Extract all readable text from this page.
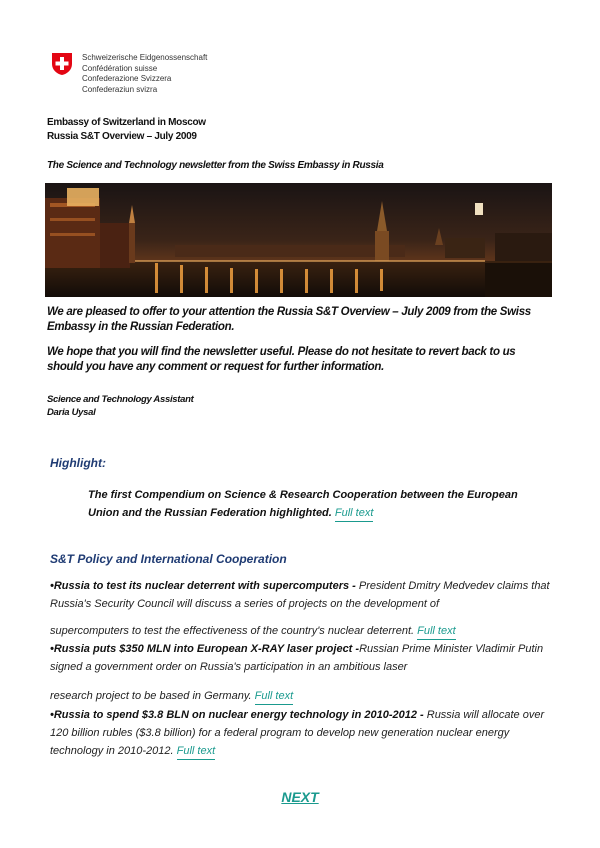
Schweizerische Eidgenossenschaft
Confédération suisse
Confederazione Svizzera
Confederaziun svizra
Embassy of Switzerland in Moscow
Russia S&T Overview – July 2009
The Science and Technology newsletter from the Swiss Embassy in Russia

We are pleased to offer to your attention the Russia S&T Overview – July 2009 from the Swiss Embassy in the Russian Federation.

We hope that you will find the newsletter useful. Please do not hesitate to revert back to us should you have any comment or request for further information.

Science and Technology Assistant
Daria Uysal
Highlight:
The first Compendium on Science & Research Cooperation between the European Union and the Russian Federation highlighted. Full text
S&T Policy and International Cooperation
•Russia to test its nuclear deterrent with supercomputers - President Dmitry Medvedev claims that Russia's Security Council will discuss a series of projects on the development of
supercomputers to test the effectiveness of the country's nuclear deterrent. Full text
•Russia puts $350 MLN into European X-RAY laser project -Russian Prime Minister Vladimir Putin signed a government order on Russia's participation in an ambitious laser
research project to be based in Germany. Full text
•Russia to spend $3.8 BLN on nuclear energy technology in 2010-2012 - Russia will allocate over 120 billion rubles ($3.8 billion) for a federal program to develop new generation nuclear energy technology in 2010-2012. Full text
NEXT
